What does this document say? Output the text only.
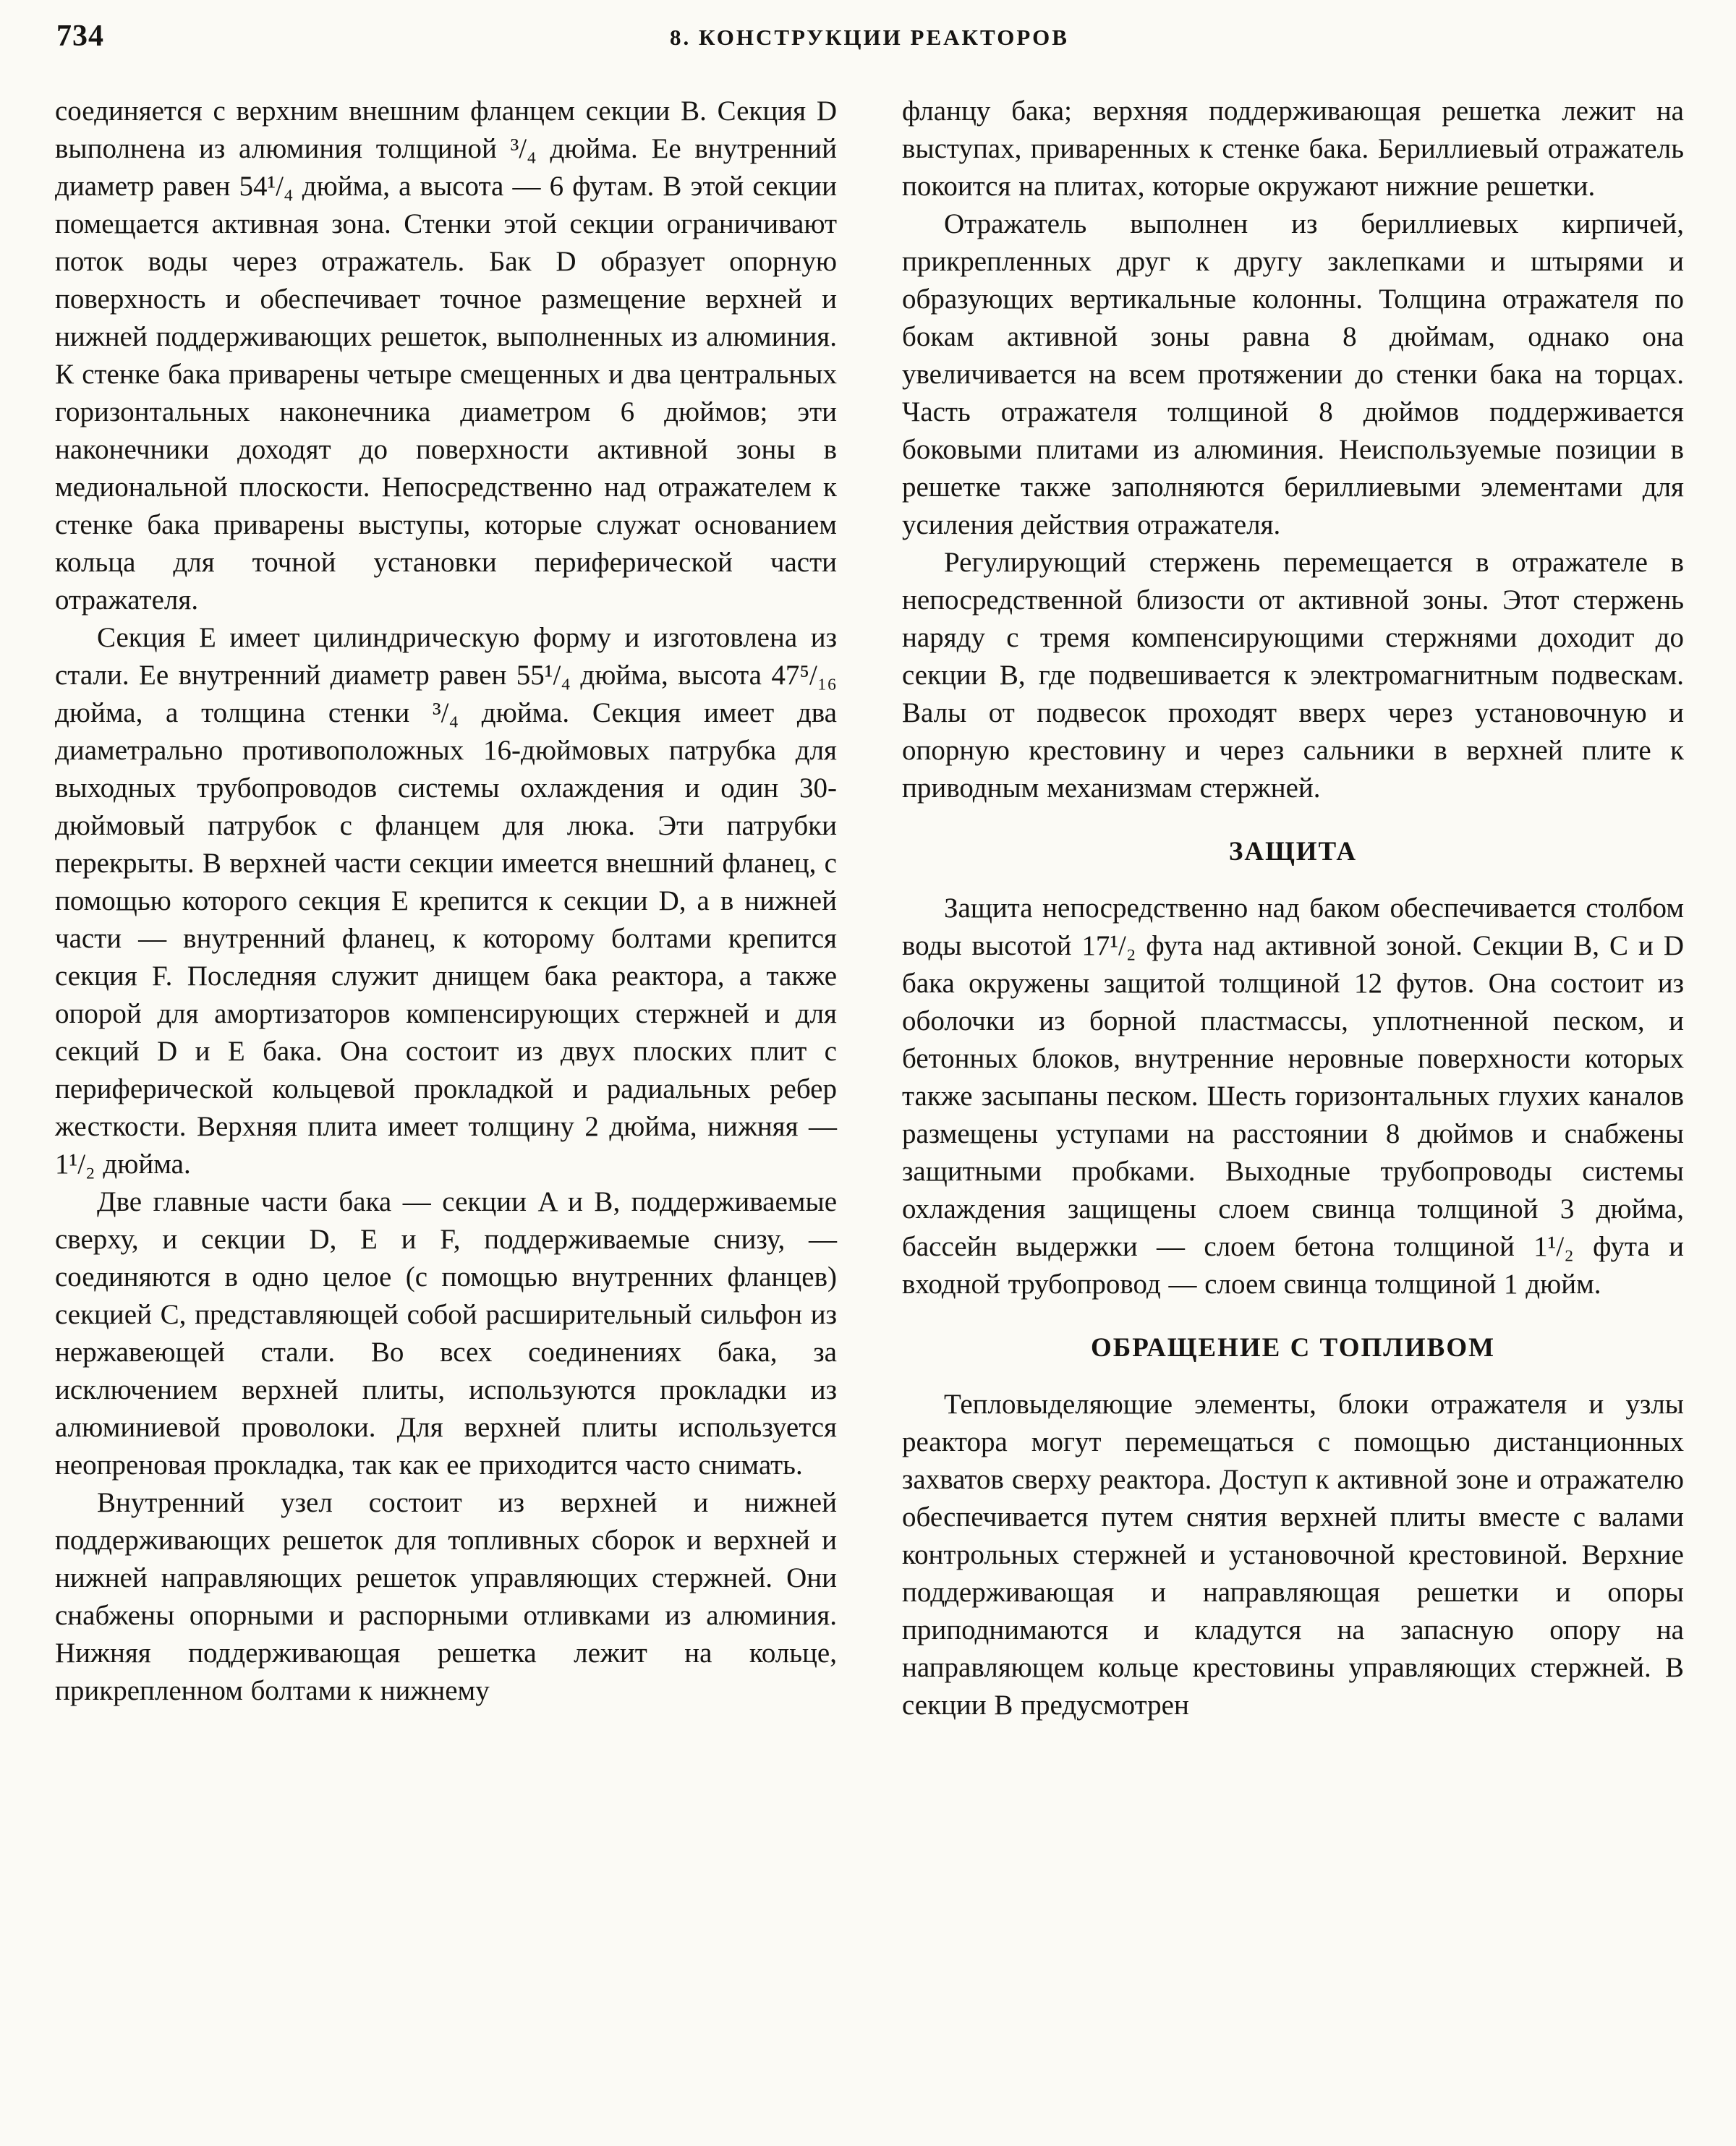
734	8. КОНСТРУКЦИИ РЕАКТОРОВ

соединяется с верхним внешним фланцем секции B. Секция D выполнена из алюминия толщиной ³/₄ дюйма. Ее внутренний диаметр равен 54¹/₄ дюйма, а высота — 6 футам. В этой секции помещается активная зона. Стенки этой секции ограничивают поток воды через отражатель. Бак D образует опорную поверхность и обеспечивает точное размещение верхней и нижней поддерживающих решеток, выполненных из алюминия. К стенке бака приварены четыре смещенных и два центральных горизонтальных наконечника диаметром 6 дюймов; эти наконечники доходят до поверхности активной зоны в медиональной плоскости. Непосредственно над отражателем к стенке бака приварены выступы, которые служат основанием кольца для точной установки периферической части отражателя.

Секция E имеет цилиндрическую форму и изготовлена из стали. Ее внутренний диаметр равен 55¹/₄ дюйма, высота 47⁵/₁₆ дюйма, а толщина стенки ³/₄ дюйма. Секция имеет два диаметрально противоположных 16-дюймовых патрубка для выходных трубопроводов системы охлаждения и один 30-дюймовый патрубок с фланцем для люка. Эти патрубки перекрыты. В верхней части секции имеется внешний фланец, с помощью которого секция E крепится к секции D, а в нижней части — внутренний фланец, к которому болтами крепится секция F. Последняя служит днищем бака реактора, а также опорой для амортизаторов компенсирующих стержней и для секций D и E бака. Она состоит из двух плоских плит с периферической кольцевой прокладкой и радиальных ребер жесткости. Верхняя плита имеет толщину 2 дюйма, нижняя — 1¹/₂ дюйма.

Две главные части бака — секции A и B, поддерживаемые сверху, и секции D, E и F, поддерживаемые снизу, — соединяются в одно целое (с помощью внутренних фланцев) секцией C, представляющей собой расширительный сильфон из нержавеющей стали. Во всех соединениях бака, за исключением верхней плиты, используются прокладки из алюминиевой проволоки. Для верхней плиты используется неопреновая прокладка, так как ее приходится часто снимать.

Внутренний узел состоит из верхней и нижней поддерживающих решеток для топливных сборок и верхней и нижней направляющих решеток управляющих стержней. Они снабжены опорными и распорными отливками из алюминия. Нижняя поддерживающая решетка лежит на кольце, прикрепленном болтами к нижнему

фланцу бака; верхняя поддерживающая решетка лежит на выступах, приваренных к стенке бака. Бериллиевый отражатель покоится на плитах, которые окружают нижние решетки.

Отражатель выполнен из бериллиевых кирпичей, прикрепленных друг к другу заклепками и штырями и образующих вертикальные колонны. Толщина отражателя по бокам активной зоны равна 8 дюймам, однако она увеличивается на всем протяжении до стенки бака на торцах. Часть отражателя толщиной 8 дюймов поддерживается боковыми плитами из алюминия. Неиспользуемые позиции в решетке также заполняются бериллиевыми элементами для усиления действия отражателя.

Регулирующий стержень перемещается в отражателе в непосредственной близости от активной зоны. Этот стержень наряду с тремя компенсирующими стержнями доходит до секции B, где подвешивается к электромагнитным подвескам. Валы от подвесок проходят вверх через установочную и опорную крестовину и через сальники в верхней плите к приводным механизмам стержней.

ЗАЩИТА

Защита непосредственно над баком обеспечивается столбом воды высотой 17¹/₂ фута над активной зоной. Секции B, C и D бака окружены защитой толщиной 12 футов. Она состоит из оболочки из борной пластмассы, уплотненной песком, и бетонных блоков, внутренние неровные поверхности которых также засыпаны песком. Шесть горизонтальных глухих каналов размещены уступами на расстоянии 8 дюймов и снабжены защитными пробками. Выходные трубопроводы системы охлаждения защищены слоем свинца толщиной 3 дюйма, бассейн выдержки — слоем бетона толщиной 1¹/₂ фута и входной трубопровод — слоем свинца толщиной 1 дюйм.

ОБРАЩЕНИЕ С ТОПЛИВОМ

Тепловыделяющие элементы, блоки отражателя и узлы реактора могут перемещаться с помощью дистанционных захватов сверху реактора. Доступ к активной зоне и отражателю обеспечивается путем снятия верхней плиты вместе с валами контрольных стержней и установочной крестовиной. Верхние поддерживающая и направляющая решетки и опоры приподнимаются и кладутся на запасную опору на направляющем кольце крестовины управляющих стержней. В секции B предусмотрен
